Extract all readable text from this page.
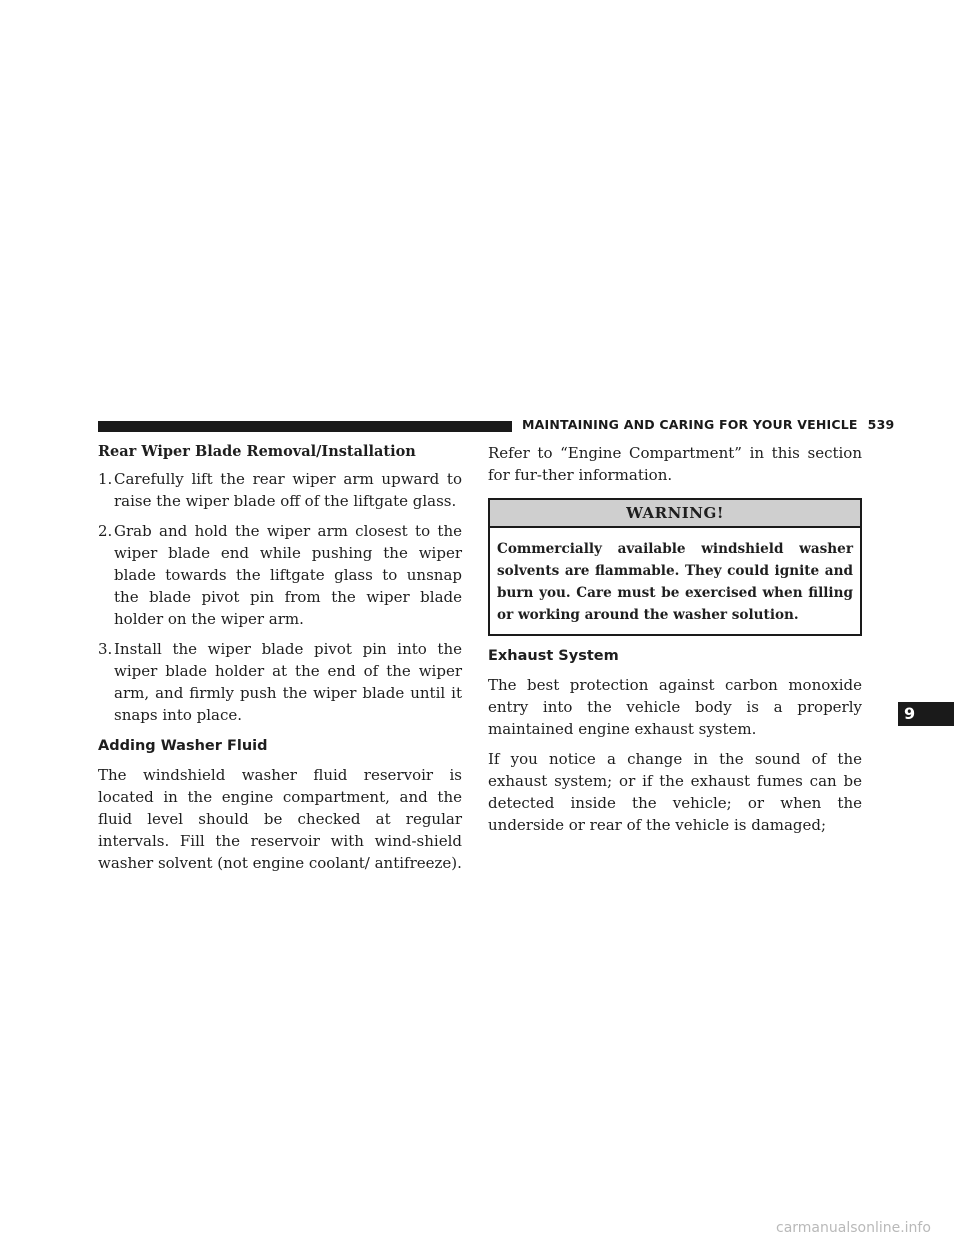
MAINTAINING AND CARING FOR YOUR VEHICLE 539
Rear Wiper Blade Removal/Installation
1. Carefully lift the rear wiper arm upward to raise the wiper blade off of the liftgate glass.
2. Grab and hold the wiper arm closest to the wiper blade end while pushing the wiper blade towards the liftgate glass to unsnap the blade pivot pin from the wiper blade holder on the wiper arm.
3. Install the wiper blade pivot pin into the wiper blade holder at the end of the wiper arm, and firmly push the wiper blade until it snaps into place.
Adding Washer Fluid

The windshield washer fluid reservoir is located in the engine compartment, and the fluid level should be checked at regular intervals. Fill the reservoir with wind-shield washer solvent (not engine coolant/ antifreeze).

Refer to “Engine Compartment” in this section for fur-ther information.

WARNING!
Commercially available windshield washer solvents are flammable. They could ignite and burn you. Care must be exercised when filling or working around the washer solution.
Exhaust System

The best protection against carbon monoxide entry into the vehicle body is a properly maintained engine exhaust system.

If you notice a change in the sound of the exhaust system; or if the exhaust fumes can be detected inside the vehicle; or when the underside or rear of the vehicle is damaged;

9
carmanualsonline.info
